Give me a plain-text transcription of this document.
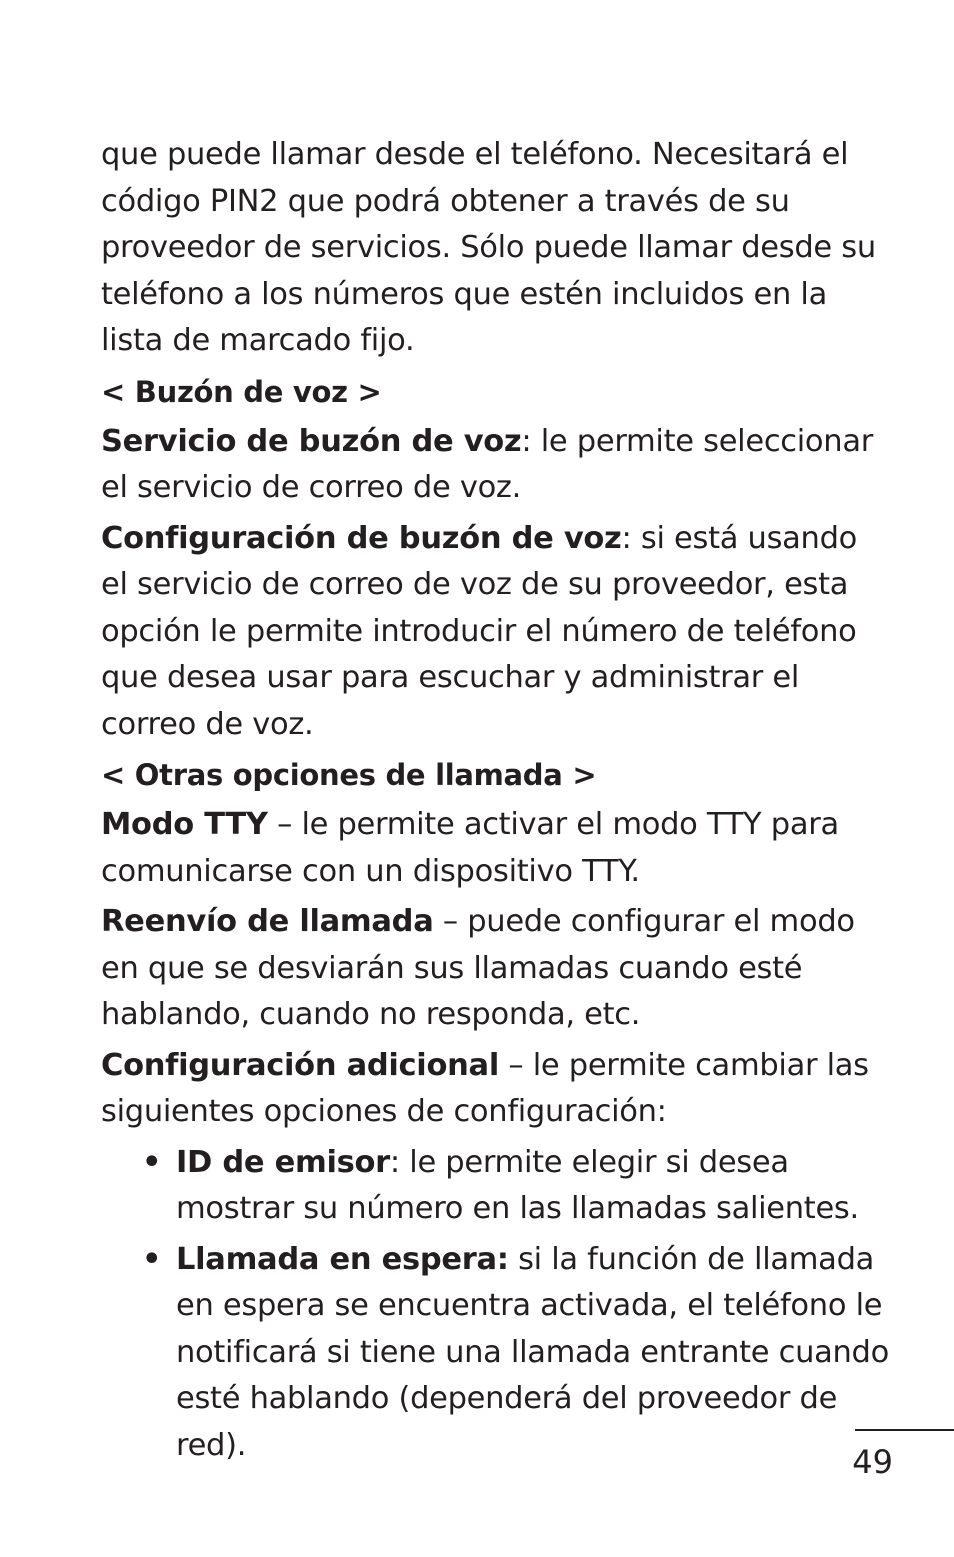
que puede llamar desde el teléfono. Necesitará el código PIN2 que podrá obtener a través de su proveedor de servicios. Sólo puede llamar desde su teléfono a los números que estén incluidos en la lista de marcado fijo.

< Buzón de voz >

Servicio de buzón de voz: le permite seleccionar el servicio de correo de voz.

Configuración de buzón de voz: si está usando el servicio de correo de voz de su proveedor, esta opción le permite introducir el número de teléfono que desea usar para escuchar y administrar el correo de voz.

< Otras opciones de llamada >

Modo TTY – le permite activar el modo TTY para comunicarse con un dispositivo TTY.

Reenvío de llamada – puede configurar el modo en que se desviarán sus llamadas cuando esté hablando, cuando no responda, etc.

Configuración adicional – le permite cambiar las siguientes opciones de configuración:

• ID de emisor: le permite elegir si desea mostrar su número en las llamadas salientes.
• Llamada en espera: si la función de llamada en espera se encuentra activada, el teléfono le notificará si tiene una llamada entrante cuando esté hablando (dependerá del proveedor de red).	49
